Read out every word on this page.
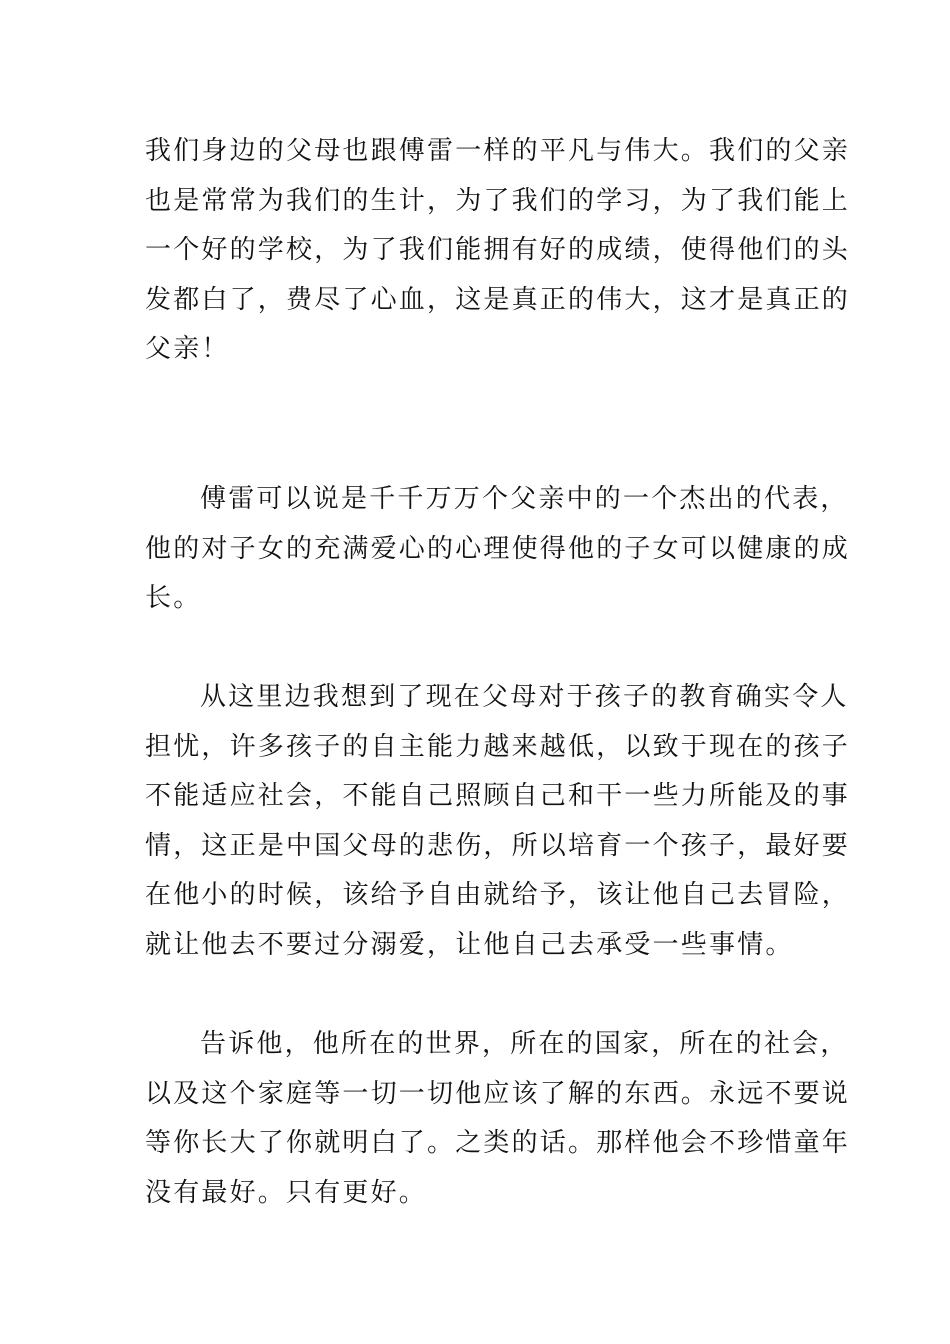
我们身边的父母也跟傅雷一样的平凡与伟大。我们的父亲
也是常常为我们的生计，为了我们的学习，为了我们能上
一个好的学校，为了我们能拥有好的成绩，使得他们的头
发都白了，费尽了心血，这是真正的伟大，这才是真正的
父亲！
傅雷可以说是千千万万个父亲中的一个杰出的代表，
他的对子女的充满爱心的心理使得他的子女可以健康的成
长。
从这里边我想到了现在父母对于孩子的教育确实令人
担忧，许多孩子的自主能力越来越低，以致于现在的孩子
不能适应社会，不能自己照顾自己和干一些力所能及的事
情，这正是中国父母的悲伤，所以培育一个孩子，最好要
在他小的时候，该给予自由就给予，该让他自己去冒险，
就让他去不要过分溺爱，让他自己去承受一些事情。
告诉他，他所在的世界，所在的国家，所在的社会，
以及这个家庭等一切一切他应该了解的东西。永远不要说
等你长大了你就明白了。之类的话。那样他会不珍惜童年
没有最好。只有更好。
